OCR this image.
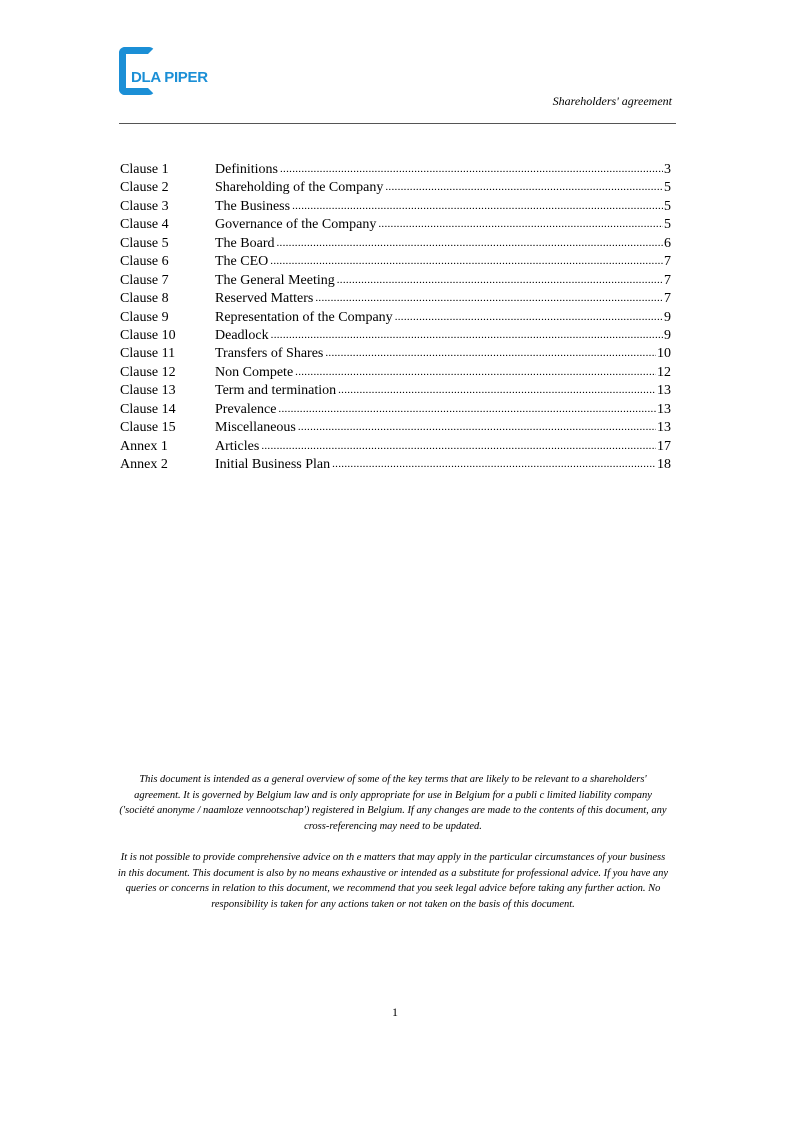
DLA PIPER
Shareholders' agreement
Clause 1	Definitions .....	3
Clause 2	Shareholding of the Company .....	5
Clause 3	The Business .....	5
Clause 4	Governance of the Company .....	5
Clause 5	The Board .....	6
Clause 6	The CEO .....	7
Clause 7	The General Meeting .....	7
Clause 8	Reserved Matters .....	7
Clause 9	Representation of the Company .....	9
Clause 10	Deadlock .....	9
Clause 11	Transfers of Shares .....	10
Clause 12	Non Compete .....	12
Clause 13	Term and termination .....	13
Clause 14	Prevalence .....	13
Clause 15	Miscellaneous .....	13
Annex 1	Articles .....	17
Annex 2	Initial Business Plan .....	18

This document is intended as a general overview of some of the key terms that are likely to be relevant to a shareholders' agreement. It is governed by Belgium law and is only appropriate for use in Belgium for a publi c limited liability company ('société anonyme / naamloze vennootschap') registered in Belgium. If any changes are made to the contents of this document, any cross-referencing may need to be updated.

It is not possible to provide comprehensive advice on th e matters that may apply in the particular circumstances of your business in this document. This document is also by no means exhaustive or intended as a substitute for professional advice. If you have any queries or concerns in relation to this document, we recommend that you seek legal advice before taking any further action. No responsibility is taken for any actions taken or not taken on the basis of this document.

1
